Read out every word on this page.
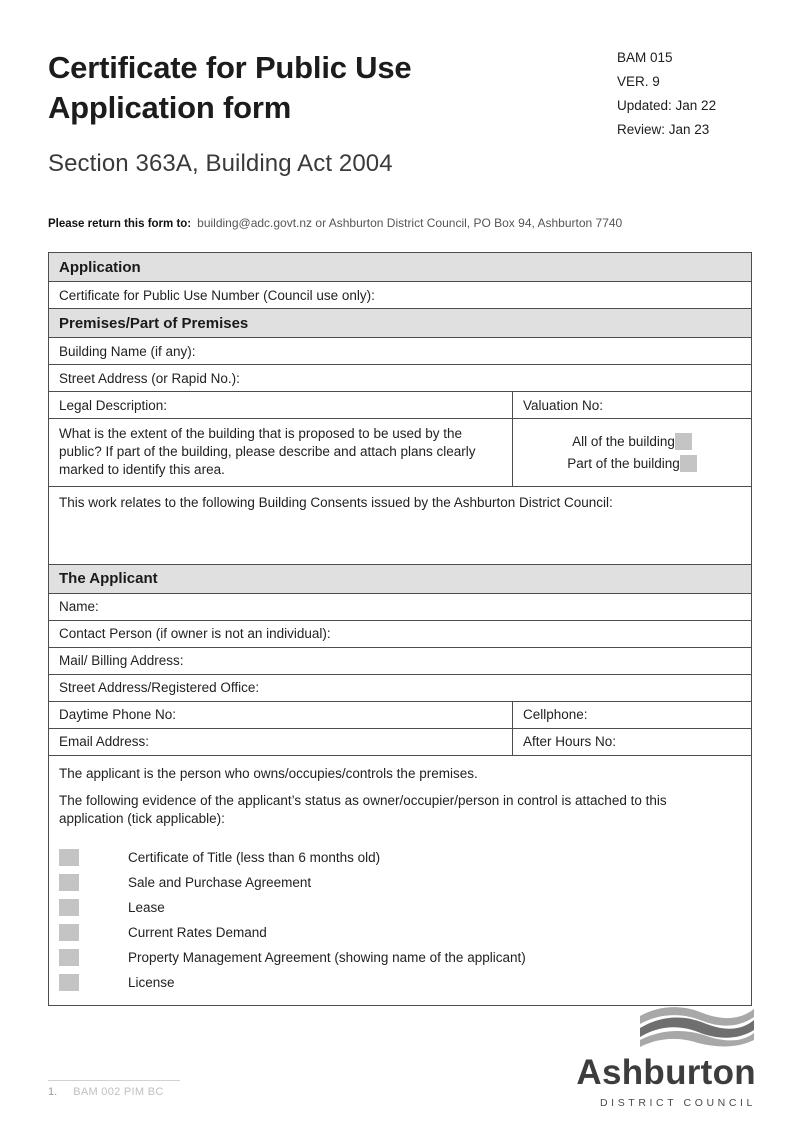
Certificate for Public Use Application form
BAM 015
VER. 9
Updated: Jan 22
Review: Jan 23
Section 363A, Building Act 2004
Please return this form to: building@adc.govt.nz or Ashburton District Council, PO Box 94, Ashburton 7740
Application
Certificate for Public Use Number (Council use only):
Premises/Part of Premises
Building Name (if any):
Street Address (or Rapid No.):
Legal Description:	Valuation No:
What is the extent of the building that is proposed to be used by the public? If part of the building, please describe and attach plans clearly marked to identify this area.
All of the building
Part of the building
This work relates to the following Building Consents issued by the Ashburton District Council:
The Applicant
Name:
Contact Person (if owner is not an individual):
Mail/ Billing Address:
Street Address/Registered Office:
Daytime Phone No:	Cellphone:
Email Address:	After Hours No:

The applicant is the person who owns/occupies/controls the premises.

The following evidence of the applicant’s status as owner/occupier/person in control is attached to this application (tick applicable):

Certificate of Title (less than 6 months old)
Sale and Purchase Agreement
Lease
Current Rates Demand
Property Management Agreement (showing name of the applicant)
License
1. BAM 002 PIM BC	Ashburton
DISTRICT COUNCIL
